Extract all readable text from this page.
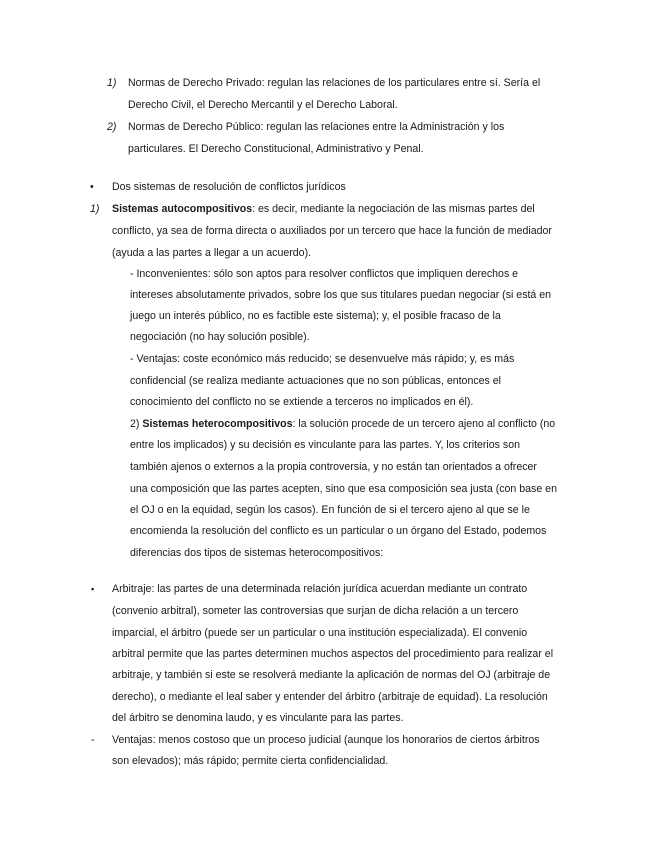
1) Normas de Derecho Privado: regulan las relaciones de los particulares entre sí. Sería el
Derecho Civil, el Derecho Mercantil y el Derecho Laboral.
2) Normas de Derecho Público: regulan las relaciones entre la Administración y los
particulares. El Derecho Constitucional, Administrativo y Penal.
• Dos sistemas de resolución de conflictos jurídicos
1) Sistemas autocompositivos: es decir, mediante la negociación de las mismas partes del
conflicto, ya sea de forma directa o auxiliados por un tercero que hace la función de mediador
(ayuda a las partes a llegar a un acuerdo).
- Inconvenientes: sólo son aptos para resolver conflictos que impliquen derechos e
intereses absolutamente privados, sobre los que sus titulares puedan negociar (si está en
juego un interés público, no es factible este sistema); y, el posible fracaso de la
negociación (no hay solución posible).
- Ventajas: coste económico más reducido; se desenvuelve más rápido; y, es más
confidencial (se realiza mediante actuaciones que no son públicas, entonces el
conocimiento del conflicto no se extiende a terceros no implicados en él).
2) Sistemas heterocompositivos: la solución procede de un tercero ajeno al conflicto (no
entre los implicados) y su decisión es vinculante para las partes. Y, los criterios son
también ajenos o externos a la propia controversia, y no están tan orientados a ofrecer
una composición que las partes acepten, sino que esa composición sea justa (con base en
el OJ o en la equidad, según los casos). En función de si el tercero ajeno al que se le
encomienda la resolución del conflicto es un particular o un órgano del Estado, podemos
diferencias dos tipos de sistemas heterocompositivos:
▪ Arbitraje: las partes de una determinada relación jurídica acuerdan mediante un contrato
(convenio arbitral), someter las controversias que surjan de dicha relación a un tercero
imparcial, el árbitro (puede ser un particular o una institución especializada). El convenio
arbitral permite que las partes determinen muchos aspectos del procedimiento para realizar el
arbitraje, y también si este se resolverá mediante la aplicación de normas del OJ (arbitraje de
derecho), o mediante el leal saber y entender del árbitro (arbitraje de equidad). La resolución
del árbitro se denomina laudo, y es vinculante para las partes.
- Ventajas: menos costoso que un proceso judicial (aunque los honorarios de ciertos árbitros
son elevados); más rápido; permite cierta confidencialidad.
